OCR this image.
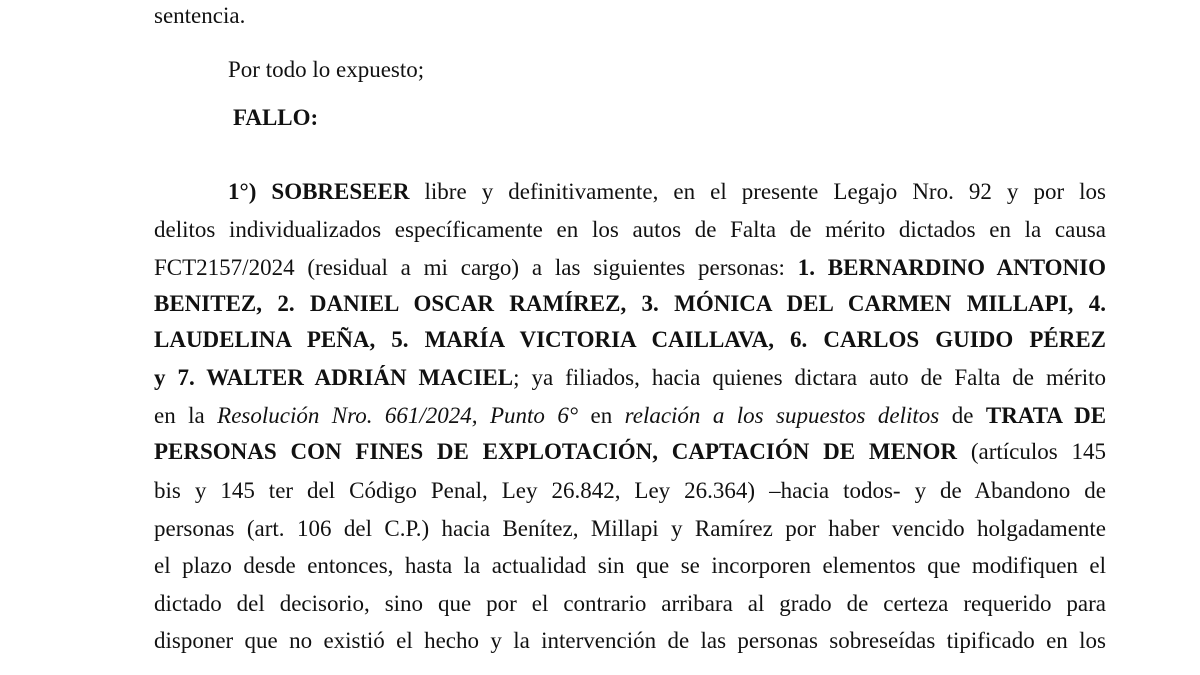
sentencia.
Por todo lo expuesto;
FALLO:
1°) SOBRESEER libre y definitivamente, en el presente Legajo Nro. 92 y por los
delitos individualizados específicamente en los autos de Falta de mérito dictados en la causa
FCT2157/2024 (residual a mi cargo) a las siguientes personas: 1. BERNARDINO ANTONIO
BENITEZ, 2. DANIEL OSCAR RAMÍREZ, 3. MÓNICA DEL CARMEN MILLAPI, 4.
LAUDELINA PEÑA, 5. MARÍA VICTORIA CAILLAVA, 6. CARLOS GUIDO PÉREZ
y 7. WALTER ADRIÁN MACIEL; ya filiados, hacia quienes dictara auto de Falta de mérito
en la Resolución Nro. 661/2024, Punto 6° en relación a los supuestos delitos de TRATA DE
PERSONAS CON FINES DE EXPLOTACIÓN, CAPTACIÓN DE MENOR (artículos 145
bis y 145 ter del Código Penal, Ley 26.842, Ley 26.364) –hacia todos- y de Abandono de
personas (art. 106 del C.P.) hacia Benítez, Millapi y Ramírez por haber vencido holgadamente
el plazo desde entonces, hasta la actualidad sin que se incorporen elementos que modifiquen el
dictado del decisorio, sino que por el contrario arribara al grado de certeza requerido para
disponer que no existió el hecho y la intervención de las personas sobreseídas tipificado en los
